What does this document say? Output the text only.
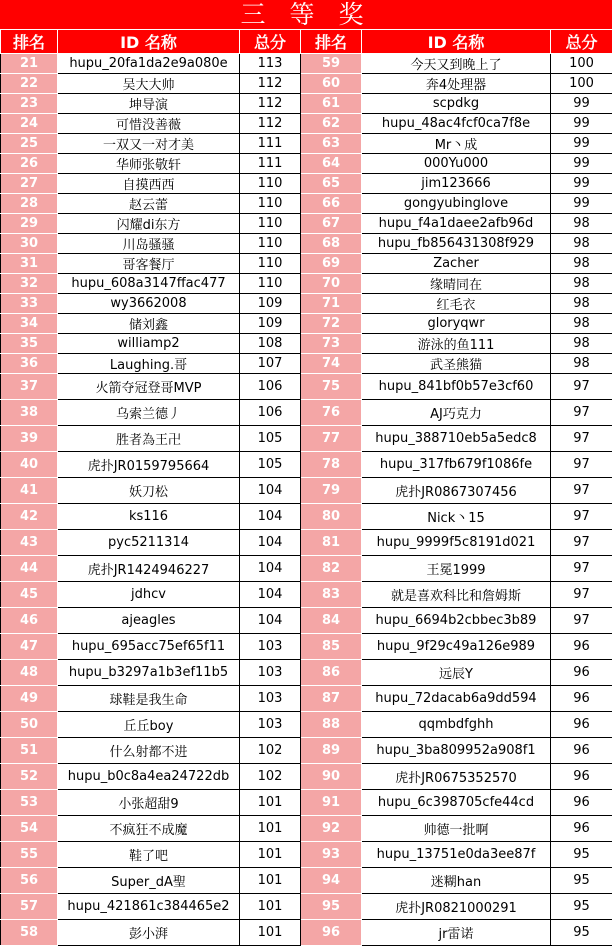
三 等 奖
排名	ID 名称	总分	排名	ID 名称	总分
21	hupu_20fa1da2e9a080e	113	59	今天又到晚上了	100
22	吴大大帅	112	60	奔4处理器	100
23	坤导演	112	61	scpdkg	99
24	可惜没善薇	112	62	hupu_48ac4fcf0ca7f8e	99
25	一双又一对才美	111	63	Mr丶成	99
26	华师张敬轩	111	64	000Yu000	99
27	自摸西西	110	65	jim123666	99
28	赵云蕾	110	66	gongyubinglove	99
29	闪耀di东方	110	67	hupu_f4a1daee2afb96d	98
30	川岛骚骚	110	68	hupu_fb856431308f929	98
31	哥客餐厅	110	69	Zacher	98
32	hupu_608a3147ffac477	110	70	缘晴同在	98
33	wy3662008	109	71	红毛衣	98
34	储刘鑫	109	72	gloryqwr	98
35	williamp2	108	73	游泳的鱼111	98
36	Laughing.哥	107	74	武圣熊猫	98
37	火箭夺冠登哥MVP	106	75	hupu_841bf0b57e3cf60	97
38	乌索兰德丿	106	76	AJ巧克力	97
39	胜者為王卍	105	77	hupu_388710eb5a5edc8	97
40	虎扑JR0159795664	105	78	hupu_317fb679f1086fe	97
41	妖刀松	104	79	虎扑JR0867307456	97
42	ks116	104	80	Nick丶15	97
43	pyc5211314	104	81	hupu_9999f5c8191d021	97
44	虎扑JR1424946227	104	82	王冕1999	97
45	jdhcv	104	83	就是喜欢科比和詹姆斯	97
46	ajeagles	104	84	hupu_6694b2cbbec3b89	97
47	hupu_695acc75ef65f11	103	85	hupu_9f29c49a126e989	96
48	hupu_b3297a1b3ef11b5	103	86	远辰Y	96
49	球鞋是我生命	103	87	hupu_72dacab6a9dd594	96
50	丘丘boy	103	88	qqmbdfghh	96
51	什么射都不进	102	89	hupu_3ba809952a908f1	96
52	hupu_b0c8a4ea24722db	102	90	虎扑JR0675352570	96
53	小张超甜9	101	91	hupu_6c398705cfe44cd	96
54	不疯狂不成魔	101	92	帅德一批啊	96
55	鞋了吧	101	93	hupu_13751e0da3ee87f	95
56	Super_dA聖	101	94	迷糊han	95
57	hupu_421861c384465e2	101	95	虎扑JR0821000291	95
58	彭小湃	101	96	jr雷诺	95
